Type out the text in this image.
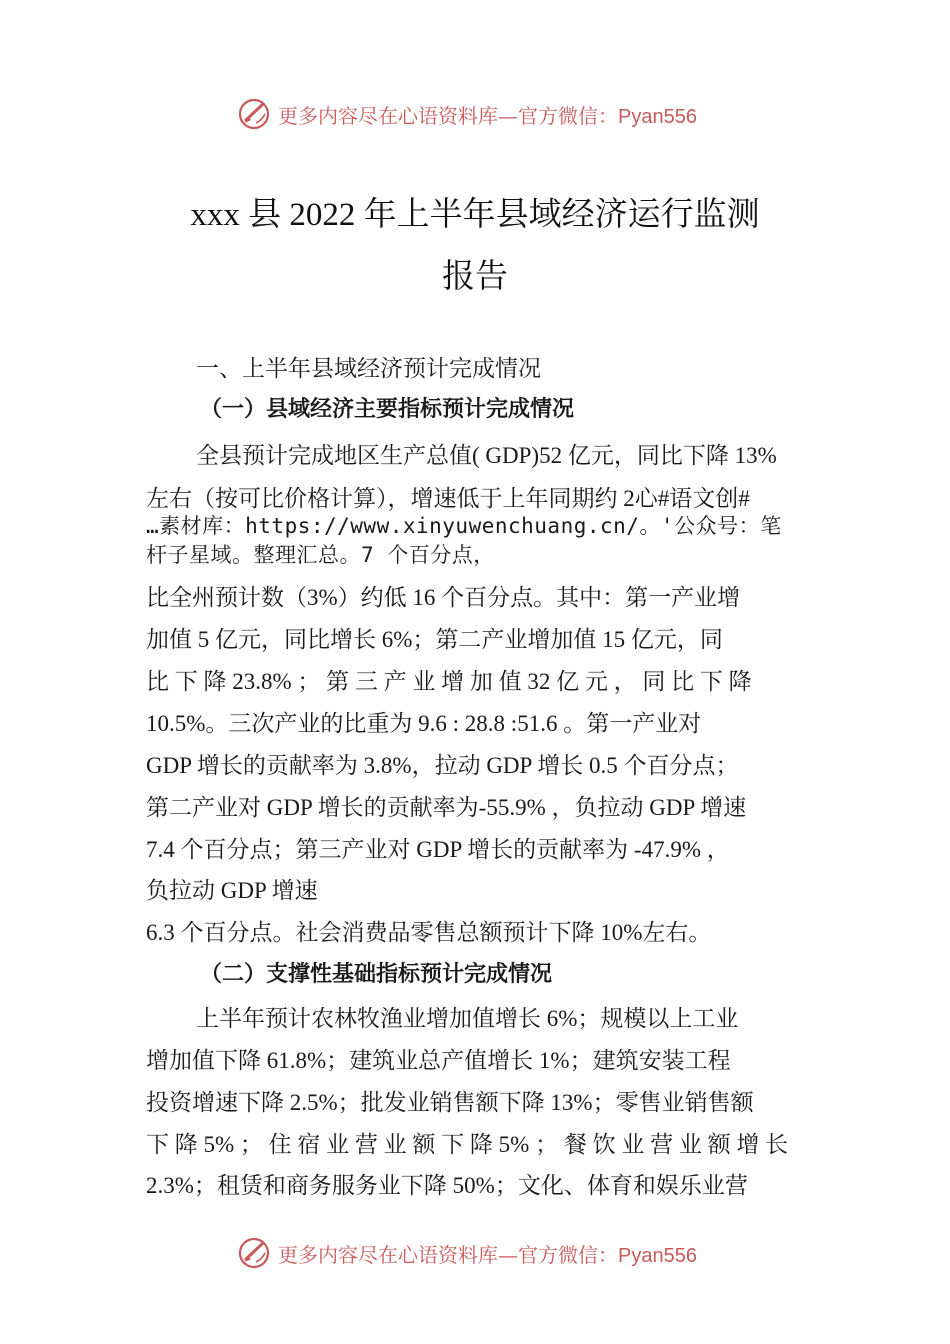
更多内容尽在心语资料库—官方微信：Pyan556
xxx 县 2022 年上半年县域经济运行监测
报告
一、上半年县域经济预计完成情况
（一）县域经济主要指标预计完成情况
全县预计完成地区生产总值( GDP)52 亿元，同比下降 13%
左右（按可比价格计算），增速低于上年同期约 2心#语文创#
…素材库：https://www.xinyuwenchuang.cn/。'公众号：笔
杆子星域。整理汇总。7 个百分点，
比全州预计数（3%）约低 16 个百分点。其中：第一产业增
加值 5 亿元，同比增长 6%；第二产业增加值 15 亿元，同
比 下 降 23.8% ； 第 三 产 业 增 加 值 32 亿 元 ， 同 比 下 降
10.5%。三次产业的比重为 9.6 : 28.8 :51.6 。第一产业对
GDP 增长的贡献率为 3.8%，拉动 GDP 增长 0.5 个百分点；
第二产业对 GDP 增长的贡献率为-55.9% ，负拉动 GDP 增速
7.4 个百分点；第三产业对 GDP 增长的贡献率为 -47.9% ，
负拉动 GDP 增速
6.3 个百分点。社会消费品零售总额预计下降 10%左右。
（二）支撑性基础指标预计完成情况
上半年预计农林牧渔业增加值增长 6%；规模以上工业
增加值下降 61.8%；建筑业总产值增长 1%；建筑安装工程
投资增速下降 2.5%；批发业销售额下降 13%；零售业销售额
下 降 5% ； 住 宿 业 营 业 额 下 降 5% ； 餐 饮 业 营 业 额 增 长
2.3%；租赁和商务服务业下降 50%；文化、体育和娱乐业营
更多内容尽在心语资料库—官方微信：Pyan556
